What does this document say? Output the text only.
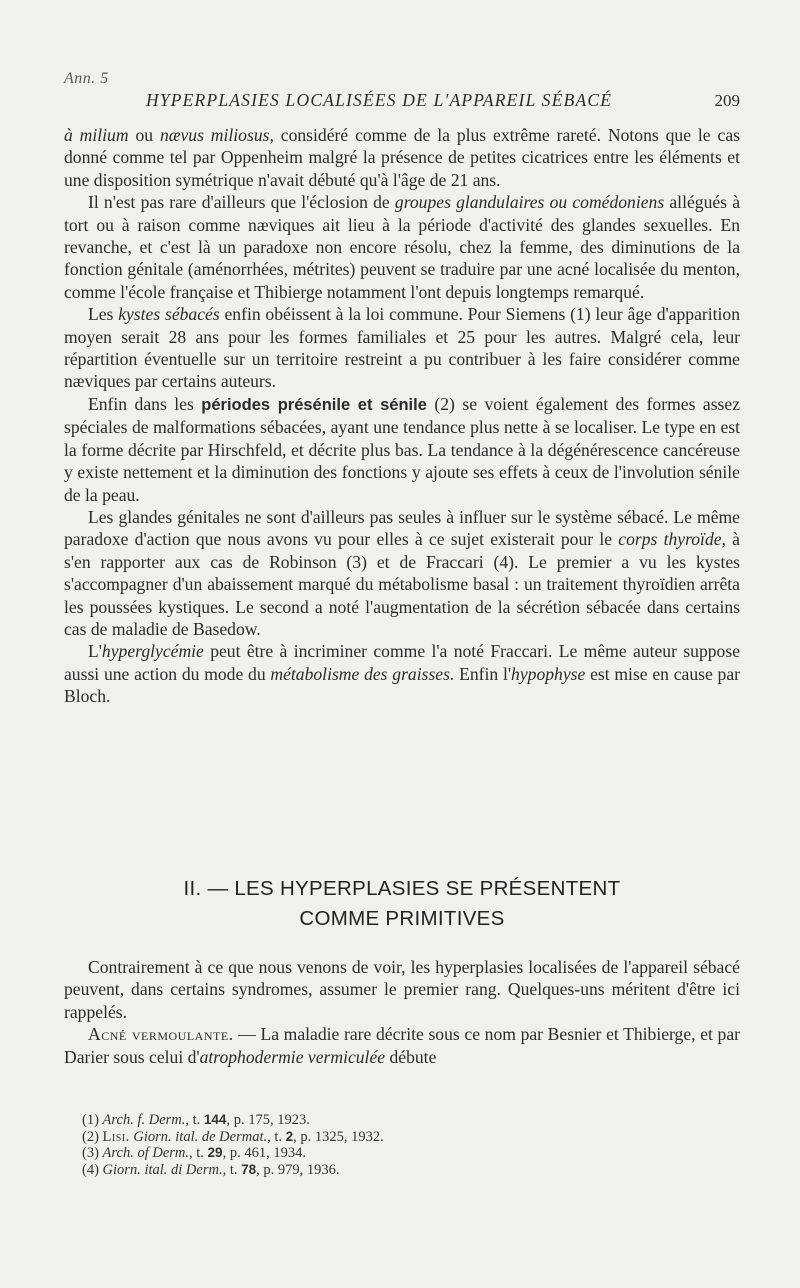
Ann. 5
HYPERPLASIES LOCALISÉES DE L'APPAREIL SÉBACÉ	209

à milium ou nævus miliosus, considéré comme de la plus extrême rareté. Notons que le cas donné comme tel par Oppenheim malgré la présence de petites cicatrices entre les éléments et une disposition symétrique n'avait débuté qu'à l'âge de 21 ans.

Il n'est pas rare d'ailleurs que l'éclosion de groupes glandulaires ou comédoniens allégués à tort ou à raison comme næviques ait lieu à la période d'activité des glandes sexuelles. En revanche, et c'est là un paradoxe non encore résolu, chez la femme, des diminutions de la fonction génitale (aménorrhées, métrites) peuvent se traduire par une acné localisée du menton, comme l'école française et Thibierge notamment l'ont depuis longtemps remarqué.

Les kystes sébacés enfin obéissent à la loi commune. Pour Siemens (1) leur âge d'apparition moyen serait 28 ans pour les formes familiales et 25 pour les autres. Malgré cela, leur répartition éventuelle sur un territoire restreint a pu contribuer à les faire considérer comme næviques par certains auteurs.

Enfin dans les périodes présénile et sénile (2) se voient également des formes assez spéciales de malformations sébacées, ayant une tendance plus nette à se localiser. Le type en est la forme décrite par Hirschfeld, et décrite plus bas. La tendance à la dégénérescence cancéreuse y existe nettement et la diminution des fonctions y ajoute ses effets à ceux de l'involution sénile de la peau.

Les glandes génitales ne sont d'ailleurs pas seules à influer sur le système sébacé. Le même paradoxe d'action que nous avons vu pour elles à ce sujet existerait pour le corps thyroïde, à s'en rapporter aux cas de Robinson (3) et de Fraccari (4). Le premier a vu les kystes s'accompagner d'un abaissement marqué du métabolisme basal : un traitement thyroïdien arrêta les poussées kystiques. Le second a noté l'augmentation de la sécrétion sébacée dans certains cas de maladie de Basedow.

L'hyperglycémie peut être à incriminer comme l'a noté Fraccari. Le même auteur suppose aussi une action du mode du métabolisme des graisses. Enfin l'hypophyse est mise en cause par Bloch.

II. — LES HYPERPLASIES SE PRÉSENTENT
COMME PRIMITIVES

Contrairement à ce que nous venons de voir, les hyperplasies localisées de l'appareil sébacé peuvent, dans certains syndromes, assumer le premier rang. Quelques-uns méritent d'être ici rappelés.

Acné vermoulante. — La maladie rare décrite sous ce nom par Besnier et Thibierge, et par Darier sous celui d'atrophodermie vermiculée débute

(1) Arch. f. Derm., t. 144, p. 175, 1923.
(2) Lisi. Giorn. ital. de Dermat., t. 2, p. 1325, 1932.
(3) Arch. of Derm., t. 29, p. 461, 1934.
(4) Giorn. ital. di Derm., t. 78, p. 979, 1936.
